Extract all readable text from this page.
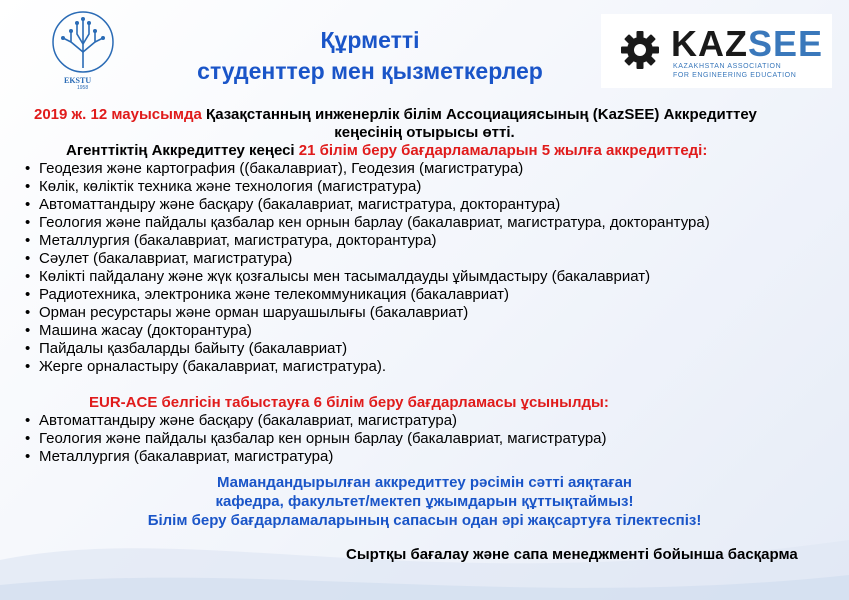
EKSTU
1958
KAZSEE
KAZAKHSTAN ASSOCIATION
FOR ENGINEERING EDUCATION
Құрметті
студенттер мен қызметкерлер
2019 ж. 12 мауысымда Қазақстанның инженерлік білім Ассоциациясының (KazSEE) Аккредиттеу
кеңесінің отырысы өтті.
Агенттіктің Аккредиттеу кеңесі 21 білім беру бағдарламаларын 5 жылға аккредиттеді:
• Геодезия және картография ((бакалавриат), Геодезия (магистратура)
• Көлік, көліктік техника және технология (магистратура)
• Автоматтандыру және басқару (бакалавриат, магистратура, докторантура)
• Геология және пайдалы қазбалар кен орнын барлау (бакалавриат, магистратура, докторантура)
• Металлургия (бакалавриат, магистратура, докторантура)
• Сәулет (бакалавриат, магистратура)
• Көлікті пайдалану және жүк қозғалысы мен тасымалдауды ұйымдастыру (бакалавриат)
• Радиотехника, электроника және телекоммуникация (бакалавриат)
• Орман ресурстары және орман шаруашылығы (бакалавриат)
• Машина жасау (докторантура)
• Пайдалы қазбаларды байыту (бакалавриат)
• Жерге орналастыру (бакалавриат, магистратура).
EUR-ACE белгісін табыстауға 6 білім беру бағдарламасы ұсынылды:
• Автоматтандыру және басқару (бакалавриат, магистратура)
• Геология және пайдалы қазбалар кен орнын барлау (бакалавриат, магистратура)
• Металлургия (бакалавриат, магистратура)
Мамандандырылған аккредиттеу рәсімін сәтті аяқтаған
кафедра, факультет/мектеп ұжымдарын құттықтаймыз!
Білім беру бағдарламаларының сапасын одан әрі жақсартуға тілектеспіз!
Сыртқы бағалау және сапа менеджменті бойынша басқарма
